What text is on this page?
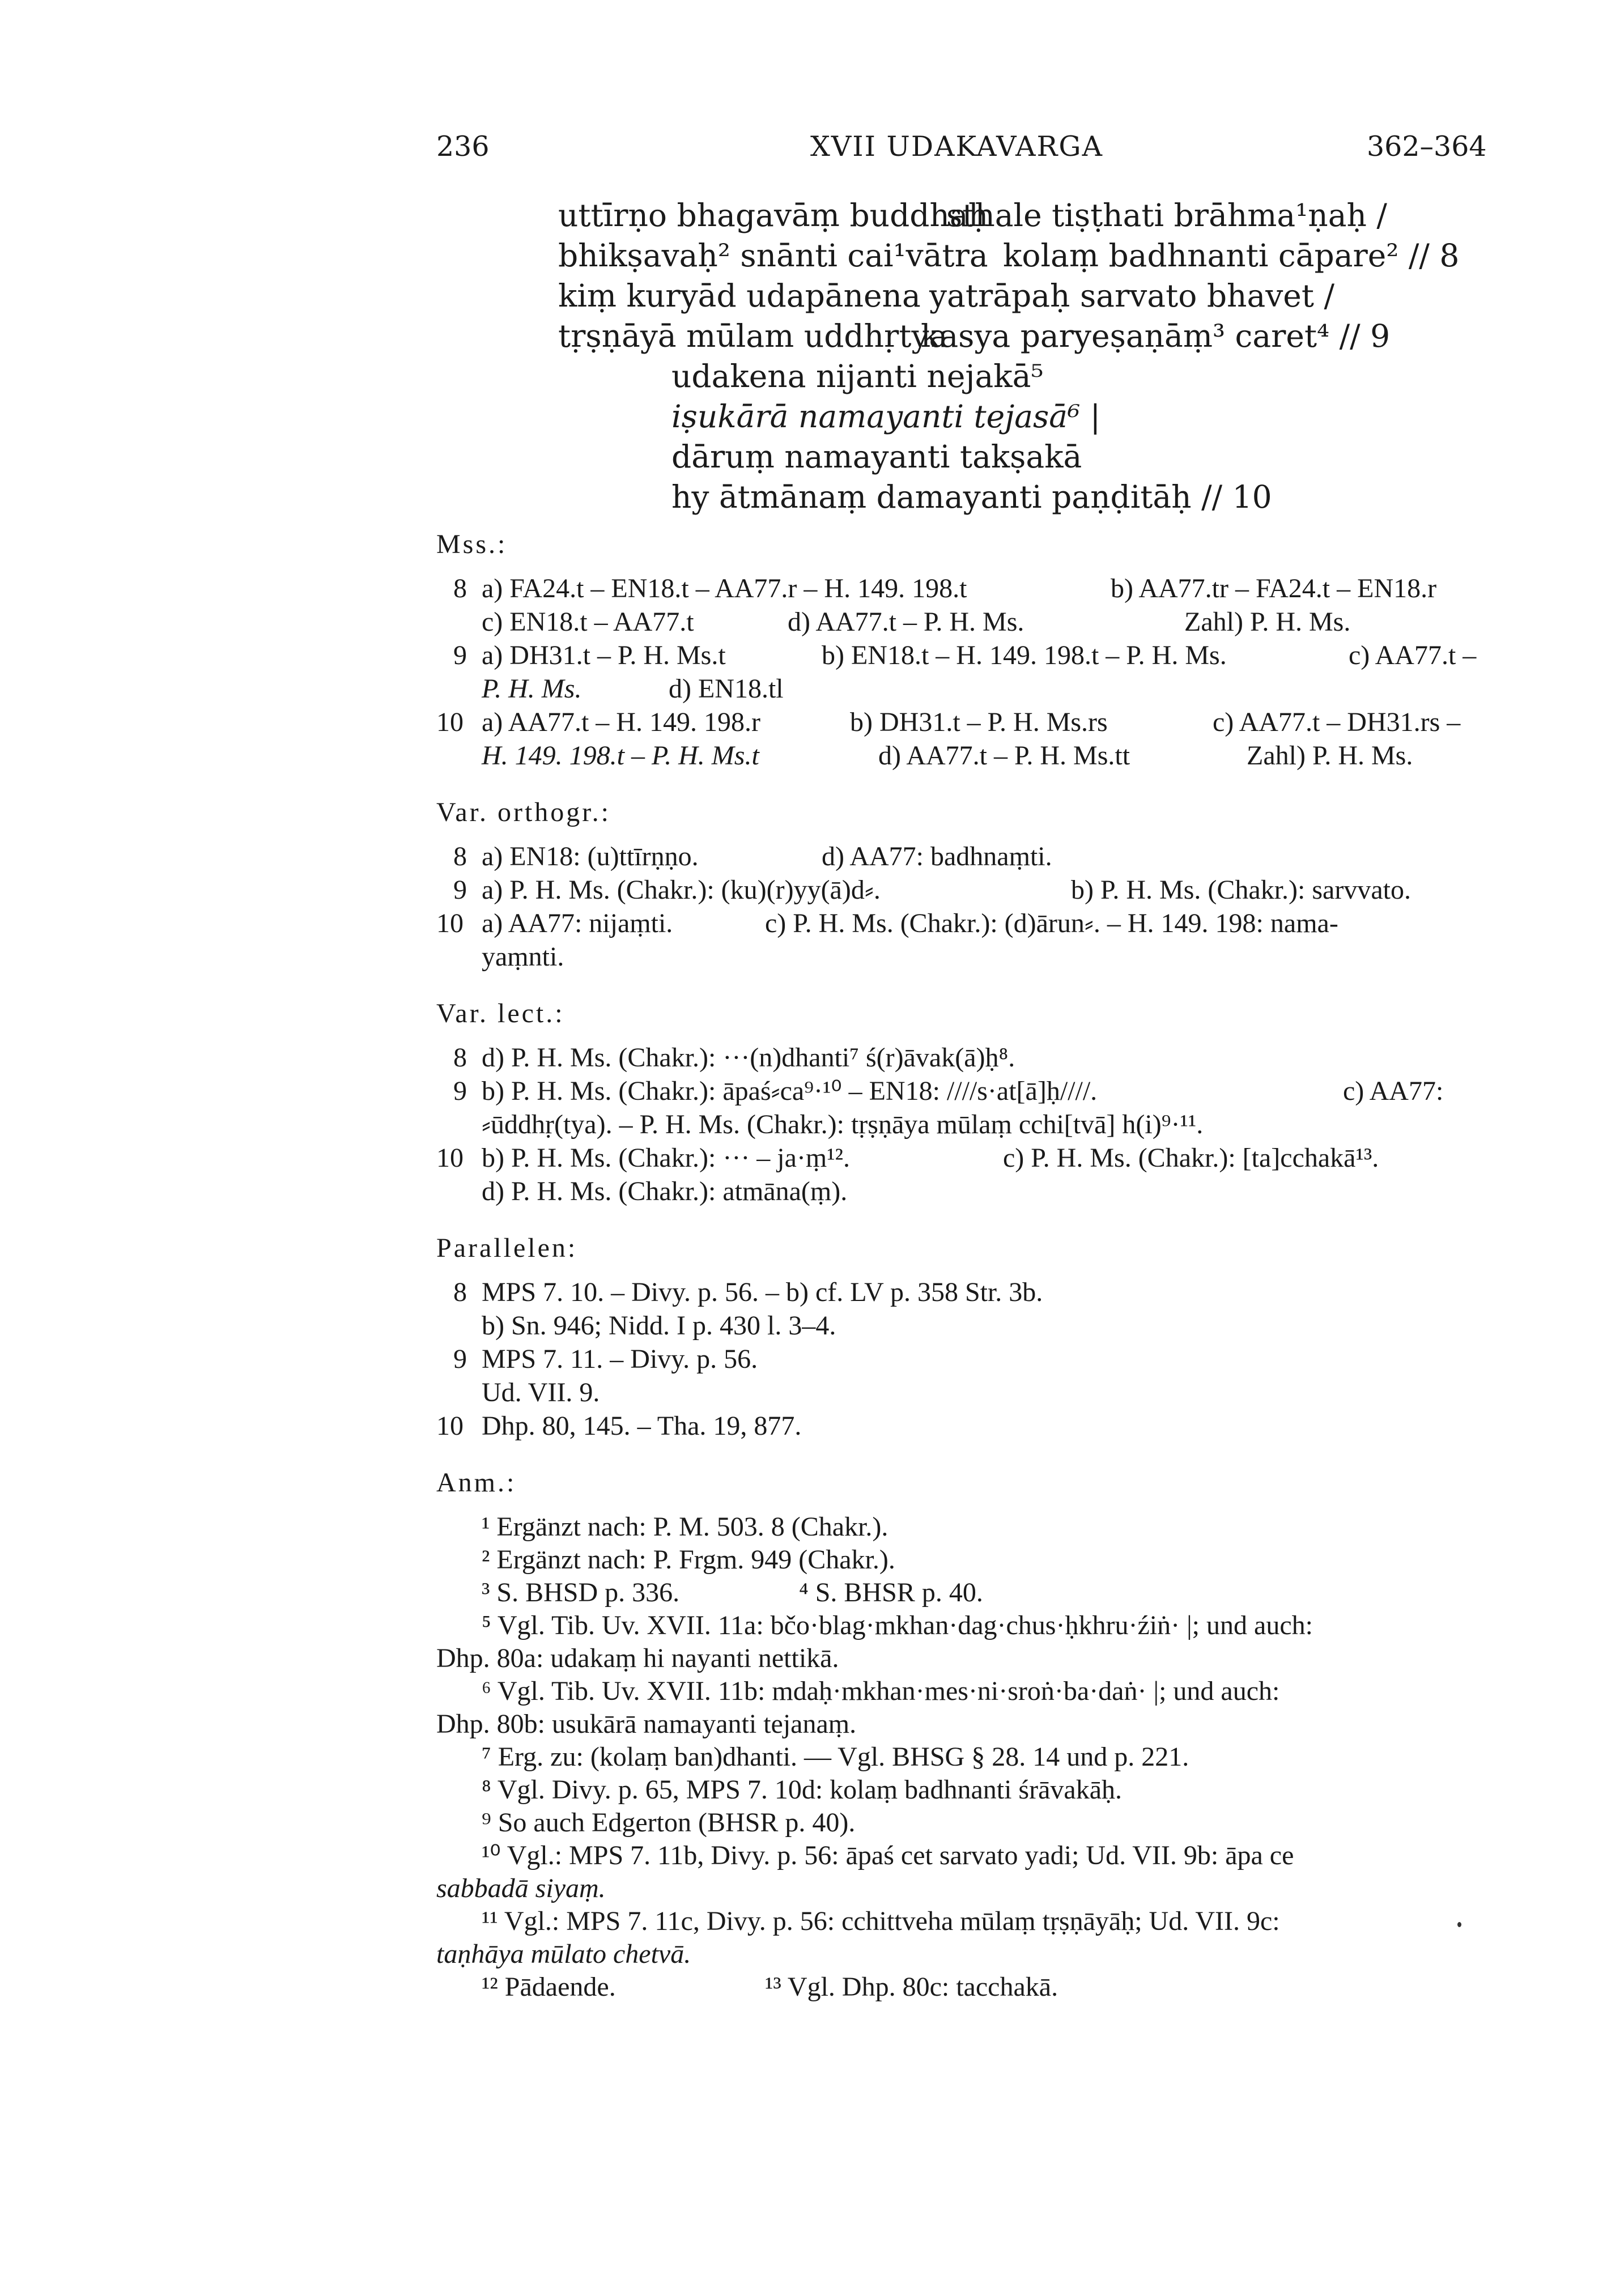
236	XVII UDAKAVARGA	362–364
uttīrṇo bhagavāṃ buddhaḥ
sthale tiṣṭhati brāhma¹ṇaḥ /
bhikṣavaḥ² snānti cai¹vātra kolaṃ badhnanti cāpare² // 8
kiṃ kuryād udapānena yatrāpaḥ sarvato bhavet /
tṛṣṇāyā mūlam uddhṛtya
kasya paryeṣaṇāṃ³ caret⁴ // 9
udakena nijanti nejakā⁵
iṣukārā namayanti tejasā⁶ |
dāruṃ namayanti takṣakā
hy ātmānaṃ damayanti paṇḍitāḥ // 10
Mss.:
8 a) FA24.t – EN18.t – AA77.r – H. 149. 198.t	b) AA77.tr – FA24.t – EN18.r
c) EN18.t – AA77.t	d) AA77.t – P. H. Ms.	Zahl) P. H. Ms.
9 a) DH31.t – P. H. Ms.t	b) EN18.t – H. 149. 198.t – P. H. Ms.	c) AA77.t –
P. H. Ms.	d) EN18.tl
10 a) AA77.t – H. 149. 198.r	b) DH31.t – P. H. Ms.rs	c) AA77.t – DH31.rs –
H. 149. 198.t – P. H. Ms.t	d) AA77.t – P. H. Ms.tt	Zahl) P. H. Ms.
Var. orthogr.:
8 a) EN18: (u)ttīrṇṇo.	d) AA77: badhnaṃti.
9 a) P. H. Ms. (Chakr.): (ku)(r)yy(ā)d⸗.	b) P. H. Ms. (Chakr.): sarvvato.
10 a) AA77: nijaṃti.	c) P. H. Ms. (Chakr.): (d)ārun⸗. – H. 149. 198: nama-
yaṃnti.
Var. lect.:
8 d) P. H. Ms. (Chakr.): ···(n)dhanti⁷ ś(r)āvak(ā)ḥ⁸.
9 b) P. H. Ms. (Chakr.): āpaś⸗ca⁹·¹⁰ – EN18: ////s·at[ā]ḥ////.	c) AA77:
⸗ūddhṛ(tya). – P. H. Ms. (Chakr.): tṛṣṇāya mūlaṃ cchi[tvā] h(i)⁹·¹¹.
10 b) P. H. Ms. (Chakr.): ··· – ja·ṃ¹².	c) P. H. Ms. (Chakr.): [ta]cchakā¹³.
d) P. H. Ms. (Chakr.): atmāna(ṃ).
Parallelen:
8 MPS 7. 10. – Divy. p. 56. – b) cf. LV p. 358 Str. 3b.
b) Sn. 946; Nidd. I p. 430 l. 3–4.
9 MPS 7. 11. – Divy. p. 56.
Ud. VII. 9.
10 Dhp. 80, 145. – Tha. 19, 877.
Anm.:
¹ Ergänzt nach: P. M. 503. 8 (Chakr.).
² Ergänzt nach: P. Frgm. 949 (Chakr.).
³ S. BHSD p. 336.	⁴ S. BHSR p. 40.
⁵ Vgl. Tib. Uv. XVII. 11a: bčo·blag·mkhan·dag·chus·ḥkhru·źiṅ· |; und auch:
Dhp. 80a: udakaṃ hi nayanti nettikā.
⁶ Vgl. Tib. Uv. XVII. 11b: mdaḥ·mkhan·mes·ni·sroṅ·ba·daṅ· |; und auch:
Dhp. 80b: usukārā namayanti tejanaṃ.
⁷ Erg. zu: (kolaṃ ban)dhanti. — Vgl. BHSG § 28. 14 und p. 221.
⁸ Vgl. Divy. p. 65, MPS 7. 10d: kolaṃ badhnanti śrāvakāḥ.
⁹ So auch Edgerton (BHSR p. 40).
¹⁰ Vgl.: MPS 7. 11b, Divy. p. 56: āpaś cet sarvato yadi; Ud. VII. 9b: āpa ce
sabbadā siyaṃ.
¹¹ Vgl.: MPS 7. 11c, Divy. p. 56: cchittveha mūlaṃ tṛṣṇāyāḥ; Ud. VII. 9c:
taṇhāya mūlato chetvā.
¹² Pādaende.	¹³ Vgl. Dhp. 80c: tacchakā.
